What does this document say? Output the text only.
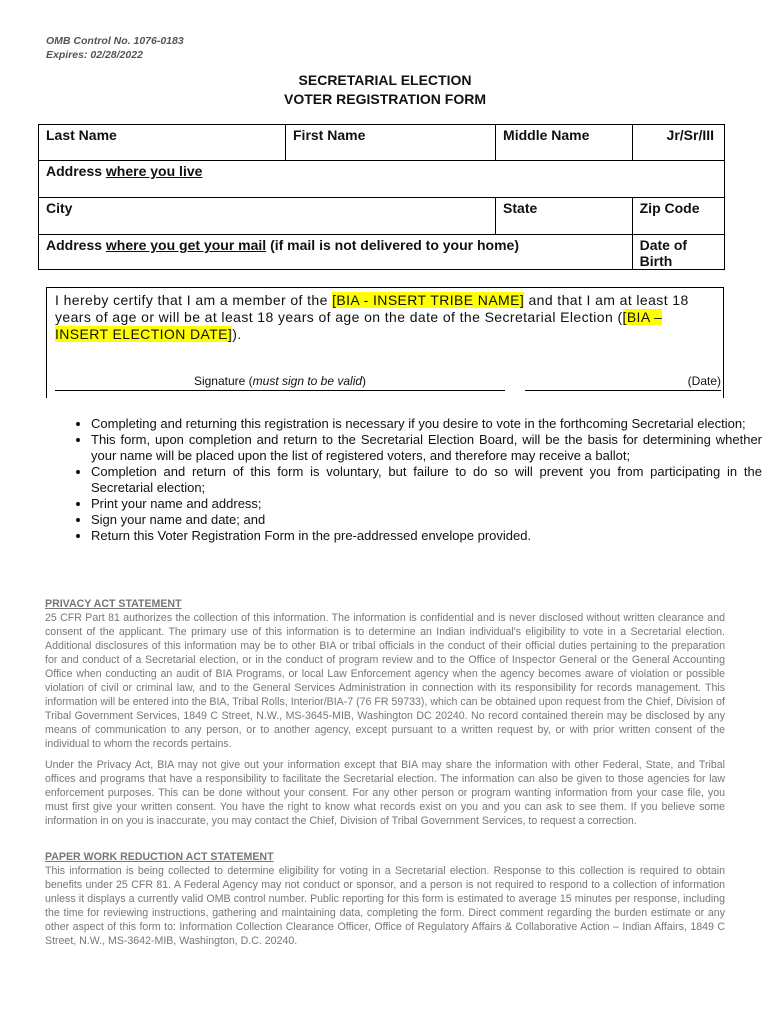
OMB Control No. 1076-0183
Expires: 02/28/2022
SECRETARIAL ELECTION
VOTER REGISTRATION FORM
Last Name	First Name	Middle Name	Jr/Sr/III
Address where you live			
City		State	Zip Code
Address where you get your mail (if mail is not delivered to your home)			Date of Birth
I hereby certify that I am a member of the [BIA - INSERT TRIBE NAME] and that I am at least 18 years of age or will be at least 18 years of age on the date of the Secretarial Election ([BIA – INSERT ELECTION DATE]).
Signature (must sign to be valid)	(Date)
• Completing and returning this registration is necessary if you desire to vote in the forthcoming Secretarial election;
• This form, upon completion and return to the Secretarial Election Board, will be the basis for determining whether your name will be placed upon the list of registered voters, and therefore may receive a ballot;
• Completion and return of this form is voluntary, but failure to do so will prevent you from participating in the Secretarial election;
• Print your name and address;
• Sign your name and date; and
• Return this Voter Registration Form in the pre-addressed envelope provided.
PRIVACY ACT STATEMENT
25 CFR Part 81 authorizes the collection of this information. The information is confidential and is never disclosed without written clearance and consent of the applicant. The primary use of this information is to determine an Indian individual's eligibility to vote in a Secretarial election. Additional disclosures of this information may be to other BIA or tribal officials in the conduct of their official duties pertaining to the preparation for and conduct of a Secretarial election, or in the conduct of program review and to the Office of Inspector General or the General Accounting Office when conducting an audit of BIA Programs, or local Law Enforcement agency when the agency becomes aware of violation or possible violation of civil or criminal law, and to the General Services Administration in connection with its responsibility for records management. This information will be entered into the BIA, Tribal Rolls, Interior/BIA-7 (76 FR 59733), which can be obtained upon request from the Chief, Division of Tribal Government Services, 1849 C Street, N.W., MS-3645-MIB, Washington DC 20240. No record contained therein may be disclosed by any means of communication to any person, or to another agency, except pursuant to a written request by, or with prior written consent of the individual to whom the records pertains.
Under the Privacy Act, BIA may not give out your information except that BIA may share the information with other Federal, State, and Tribal offices and programs that have a responsibility to facilitate the Secretarial election. The information can also be given to those agencies for law enforcement purposes. This can be done without your consent. For any other person or program wanting information from your case file, you must first give your written consent. You have the right to know what records exist on you and you can ask to see them. If you believe some information in on you is inaccurate, you may contact the Chief, Division of Tribal Government Services, to request a correction.
PAPER WORK REDUCTION ACT STATEMENT
This information is being collected to determine eligibility for voting in a Secretarial election. Response to this collection is required to obtain benefits under 25 CFR 81. A Federal Agency may not conduct or sponsor, and a person is not required to respond to a collection of information unless it displays a currently valid OMB control number. Public reporting for this form is estimated to average 15 minutes per response, including the time for reviewing instructions, gathering and maintaining data, completing the form. Direct comment regarding the burden estimate or any other aspect of this form to: Information Collection Clearance Officer, Office of Regulatory Affairs & Collaborative Action – Indian Affairs, 1849 C Street, N.W., MS-3642-MIB, Washington, D.C. 20240.
